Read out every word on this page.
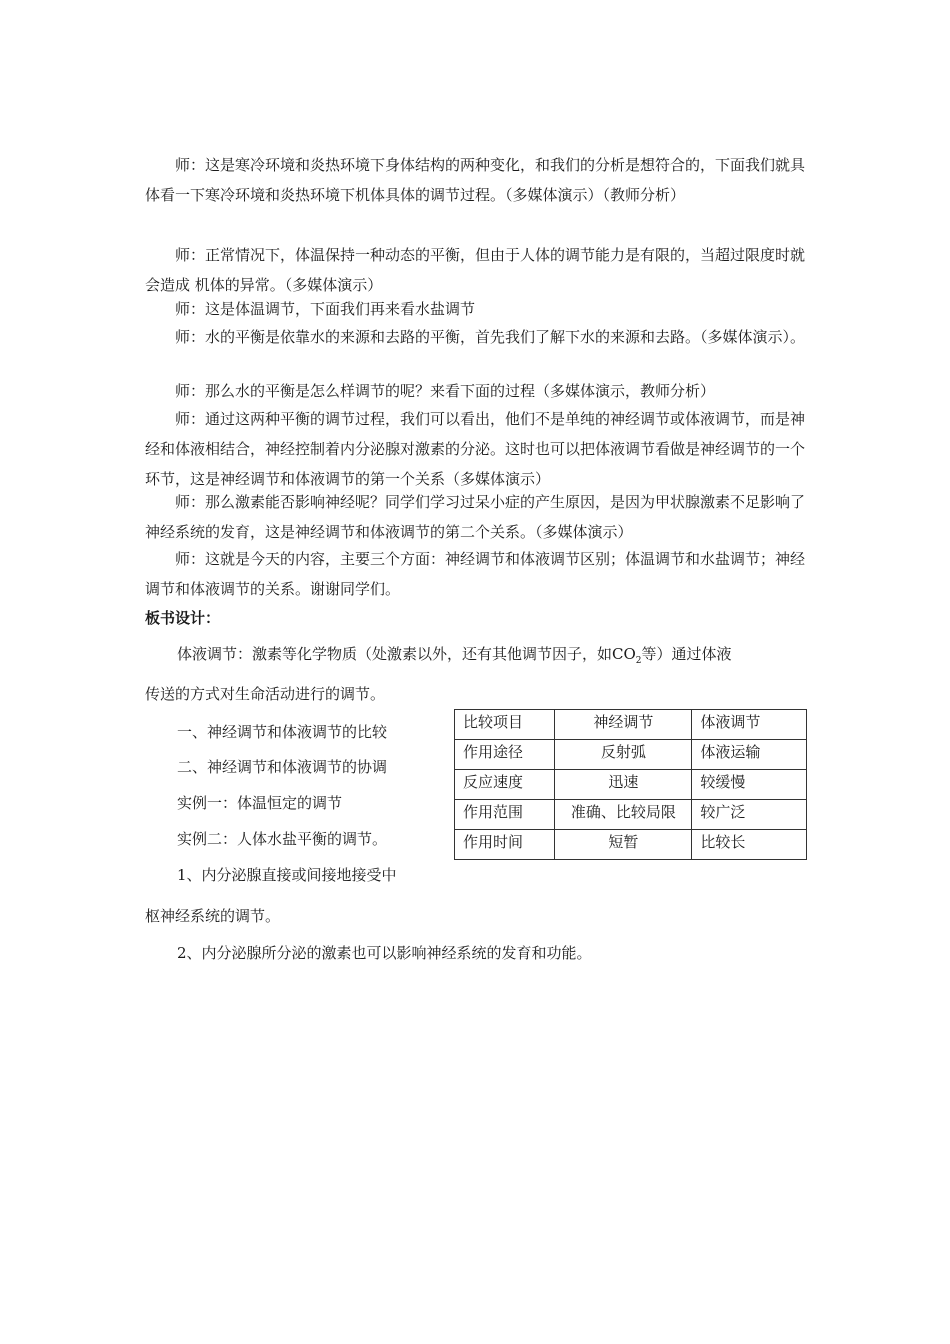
师：这是寒冷环境和炎热环境下身体结构的两种变化，和我们的分析是想符合的，下面我们就具体看一下寒冷环境和炎热环境下机体具体的调节过程。（多媒体演示）（教师分析）

师：正常情况下，体温保持一种动态的平衡，但由于人体的调节能力是有限的，当超过限度时就会造成 机体的异常。（多媒体演示）

师：这是体温调节，下面我们再来看水盐调节

师：水的平衡是依靠水的来源和去路的平衡，首先我们了解下水的来源和去路。（多媒体演示）。

师：那么水的平衡是怎么样调节的呢？来看下面的过程（多媒体演示，教师分析）

师：通过这两种平衡的调节过程，我们可以看出，他们不是单纯的神经调节或体液调节，而是神经和体液相结合，神经控制着内分泌腺对激素的分泌。这时也可以把体液调节看做是神经调节的一个环节，这是神经调节和体液调节的第一个关系（多媒体演示）

师：那么激素能否影响神经呢？同学们学习过呆小症的产生原因，是因为甲状腺激素不足影响了神经系统的发育，这是神经调节和体液调节的第二个关系。（多媒体演示）

师：这就是今天的内容，主要三个方面：神经调节和体液调节区别；体温调节和水盐调节；神经调节和体液调节的关系。谢谢同学们。

板书设计：

体液调节：激素等化学物质（处激素以外，还有其他调节因子，如$CO_2$等）通过体液

传送的方式对生命活动进行的调节。

一、神经调节和体液调节的比较

二、神经调节和体液调节的协调

实例一：体温恒定的调节

实例二：人体水盐平衡的调节。

1、内分泌腺直接或间接地接受中

枢神经系统的调节。

2、内分泌腺所分泌的激素也可以影响神经系统的发育和功能。

比较项目	神经调节	体液调节
作用途径	反射弧	体液运输
反应速度	迅速	较缓慢
作用范围	准确、比较局限	较广泛
作用时间	短暂	比较长
